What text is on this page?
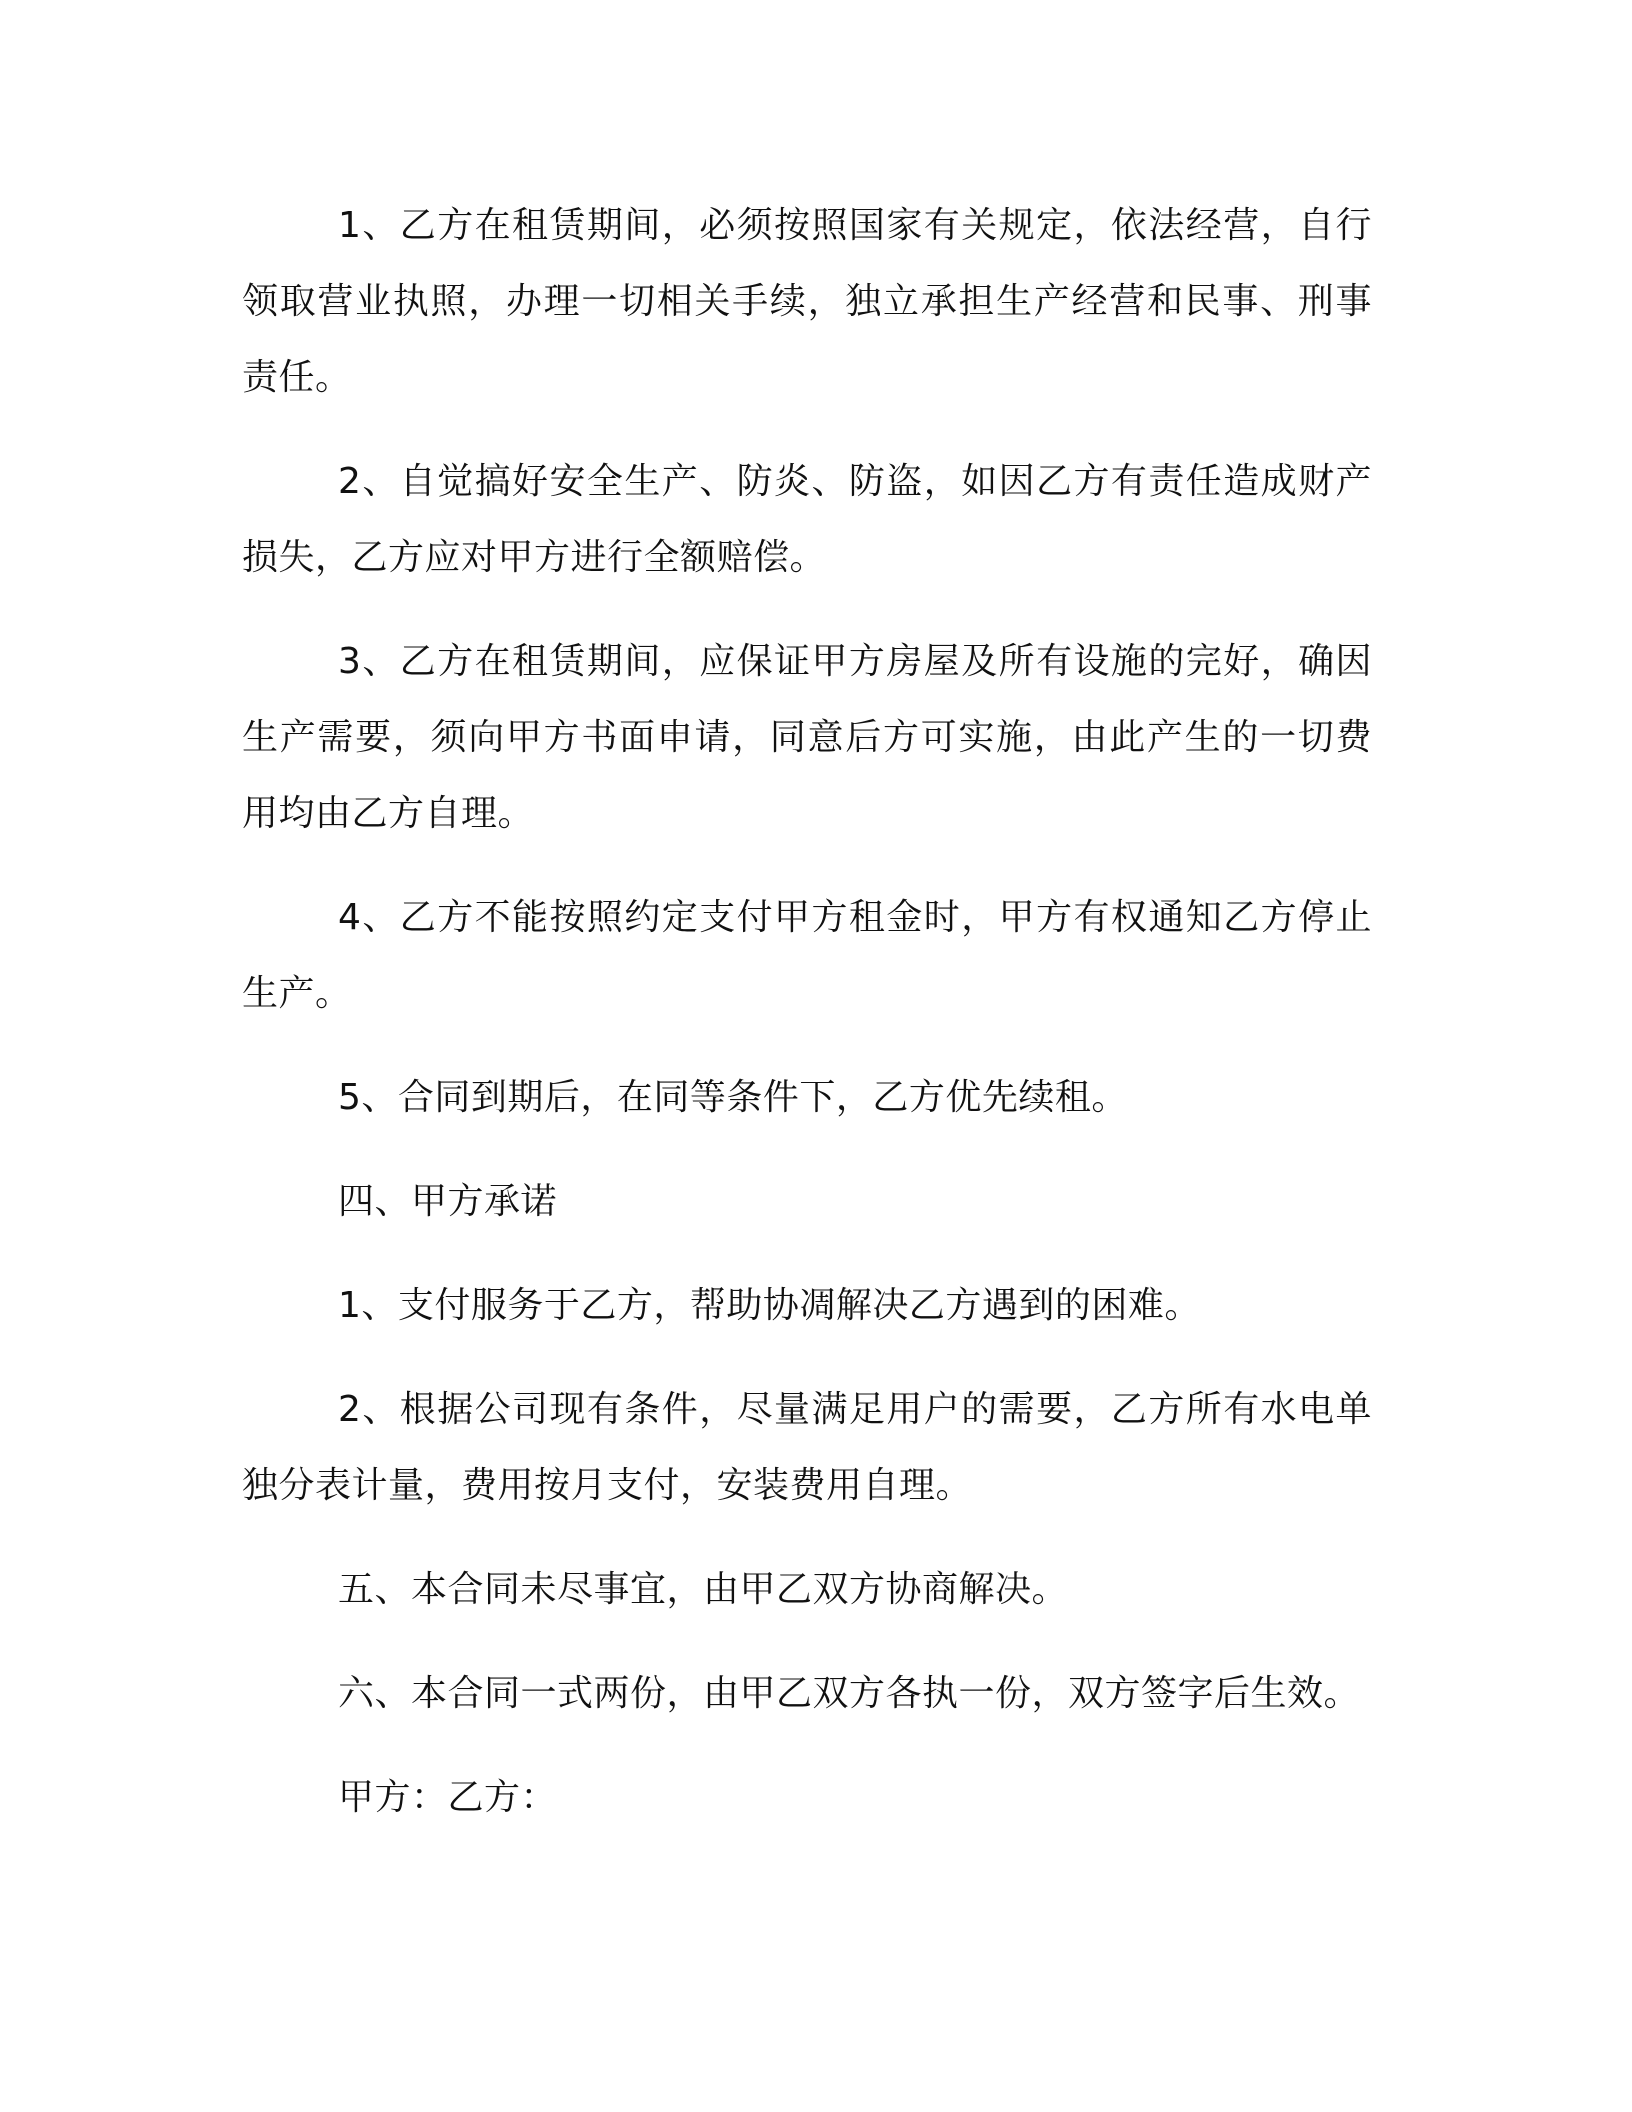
1、乙方在租赁期间，必须按照国家有关规定，依法经营，自行领取营业执照，办理一切相关手续，独立承担生产经营和民事、刑事责任。

2、自觉搞好安全生产、防炎、防盗，如因乙方有责任造成财产损失，乙方应对甲方进行全额赔偿。

3、乙方在租赁期间，应保证甲方房屋及所有设施的完好，确因生产需要，须向甲方书面申请，同意后方可实施，由此产生的一切费用均由乙方自理。

4、乙方不能按照约定支付甲方租金时，甲方有权通知乙方停止生产。

5、合同到期后，在同等条件下，乙方优先续租。

四、甲方承诺

1、支付服务于乙方，帮助协凋解决乙方遇到的困难。

2、根据公司现有条件，尽量满足用户的需要，乙方所有水电单独分表计量，费用按月支付，安装费用自理。

五、本合同未尽事宜，由甲乙双方协商解决。

六、本合同一式两份，由甲乙双方各执一份，双方签字后生效。

甲方：乙方：
